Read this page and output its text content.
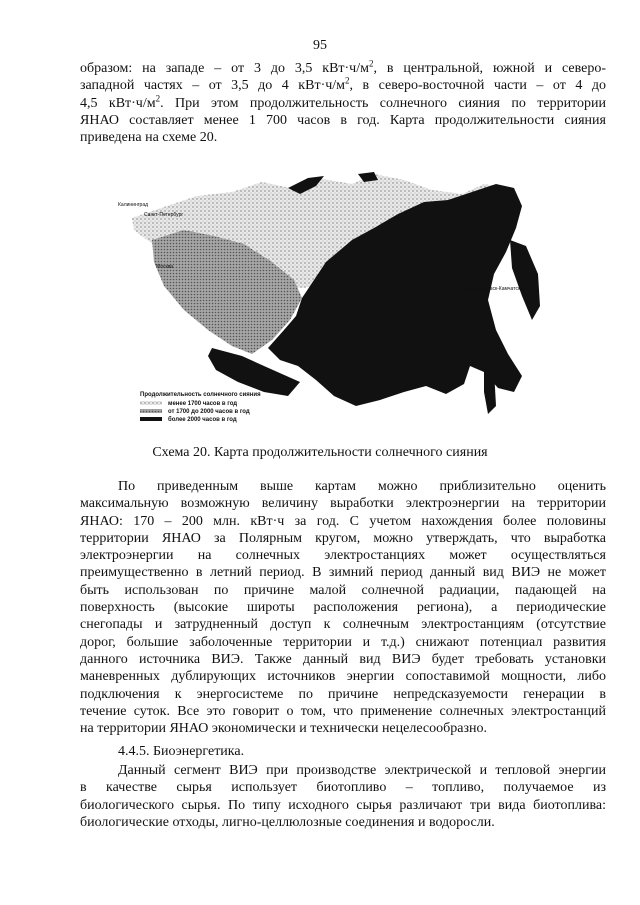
95
образом: на западе – от 3 до 3,5 $кВт\cdot ч/м^2$, в центральной, южной и северо-
западной частях – от 3,5 до 4 $кВт\cdot ч/м^2$, в северо-восточной части – от 4 до
4,5 $кВт\cdot ч/м^2$. При этом продолжительность солнечного сияния по территории
ЯНАО составляет менее 1 700 часов в год. Карта продолжительности сияния
приведена на схеме 20.
Калининград
Санкт-Петербург
Москва
Петропавловск-Камчатский
Продолжительность солнечного сияния
менее 1700 часов в год
от 1700 до 2000 часов в год
более 2000 часов в год
Схема 20. Карта продолжительности солнечного сияния
По приведенным выше картам можно приблизительно оценить
максимальную возможную величину выработки электроэнергии на территории
ЯНАО: 170 – 200 млн. кВт·ч за год. С учетом нахождения более половины
территории ЯНАО за Полярным кругом, можно утверждать, что выработка
электроэнергии на солнечных электростанциях может осуществляться
преимущественно в летний период. В зимний период данный вид ВИЭ не может
быть использован по причине малой солнечной радиации, падающей на
поверхность (высокие широты расположения региона), а периодические
снегопады и затрудненный доступ к солнечным электростанциям (отсутствие
дорог, большие заболоченные территории и т.д.) снижают потенциал развития
данного источника ВИЭ. Также данный вид ВИЭ будет требовать установки
маневренных дублирующих источников энергии сопоставимой мощности, либо
подключения к энергосистеме по причине непредсказуемости генерации в
течение суток. Все это говорит о том, что применение солнечных электростанций
на территории ЯНАО экономически и технически нецелесообразно.
4.4.5. Биоэнергетика.
Данный сегмент ВИЭ при производстве электрической и тепловой энергии
в качестве сырья использует биотопливо – топливо, получаемое из
биологического сырья. По типу исходного сырья различают три вида биотоплива:
биологические отходы, лигно-целлюлозные соединения и водоросли.
